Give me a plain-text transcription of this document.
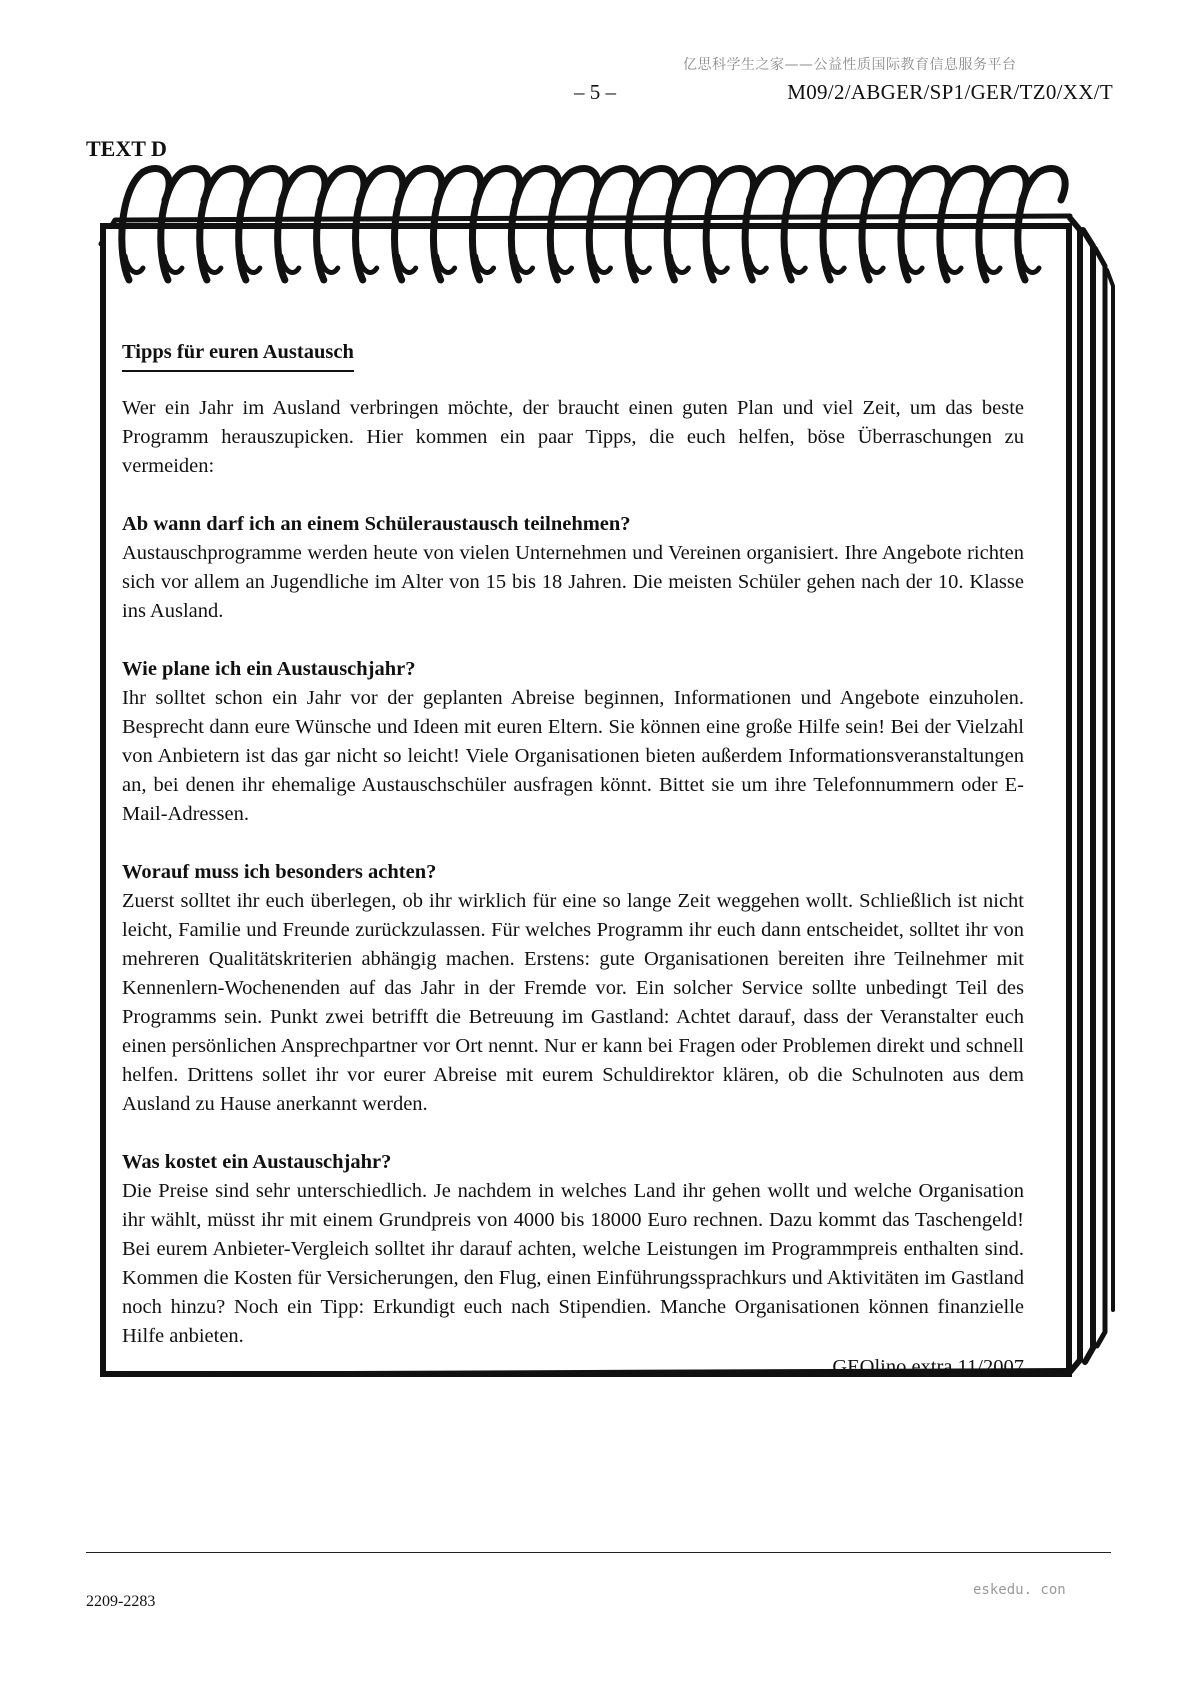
亿思科学生之家——公益性质国际教育信息服务平台
– 5 –	M09/2/ABGER/SP1/GER/TZ0/XX/T
TEXT D
Tipps für euren Austausch

Wer ein Jahr im Ausland verbringen möchte, der braucht einen guten Plan und viel Zeit, um das beste Programm herauszupicken. Hier kommen ein paar Tipps, die euch helfen, böse Überraschungen zu vermeiden:

Ab wann darf ich an einem Schüleraustausch teilnehmen?
Austauschprogramme werden heute von vielen Unternehmen und Vereinen organisiert. Ihre Angebote richten sich vor allem an Jugendliche im Alter von 15 bis 18 Jahren. Die meisten Schüler gehen nach der 10. Klasse ins Ausland.

Wie plane ich ein Austauschjahr?
Ihr solltet schon ein Jahr vor der geplanten Abreise beginnen, Informationen und Angebote einzuholen. Besprecht dann eure Wünsche und Ideen mit euren Eltern. Sie können eine große Hilfe sein! Bei der Vielzahl von Anbietern ist das gar nicht so leicht! Viele Organisationen bieten außerdem Informationsveranstaltungen an, bei denen ihr ehemalige Austauschschüler ausfragen könnt. Bittet sie um ihre Telefonnummern oder E-Mail-Adressen.

Worauf muss ich besonders achten?
Zuerst solltet ihr euch überlegen, ob ihr wirklich für eine so lange Zeit weggehen wollt. Schließlich ist nicht leicht, Familie und Freunde zurückzulassen. Für welches Programm ihr euch dann entscheidet, solltet ihr von mehreren Qualitätskriterien abhängig machen. Erstens: gute Organisationen bereiten ihre Teilnehmer mit Kennenlern-Wochenenden auf das Jahr in der Fremde vor. Ein solcher Service sollte unbedingt Teil des Programms sein. Punkt zwei betrifft die Betreuung im Gastland: Achtet darauf, dass der Veranstalter euch einen persönlichen Ansprechpartner vor Ort nennt. Nur er kann bei Fragen oder Problemen direkt und schnell helfen. Drittens sollet ihr vor eurer Abreise mit eurem Schuldirektor klären, ob die Schulnoten aus dem Ausland zu Hause anerkannt werden.

Was kostet ein Austauschjahr?
Die Preise sind sehr unterschiedlich. Je nachdem in welches Land ihr gehen wollt und welche Organisation ihr wählt, müsst ihr mit einem Grundpreis von 4000 bis 18000 Euro rechnen. Dazu kommt das Taschengeld! Bei eurem Anbieter-Vergleich solltet ihr darauf achten, welche Leistungen im Programmpreis enthalten sind. Kommen die Kosten für Versicherungen, den Flug, einen Einführungssprachkurs und Aktivitäten im Gastland noch hinzu? Noch ein Tipp: Erkundigt euch nach Stipendien. Manche Organisationen können finanzielle Hilfe anbieten.

GEOlino extra 11/2007
2209-2283
eskedu. con
